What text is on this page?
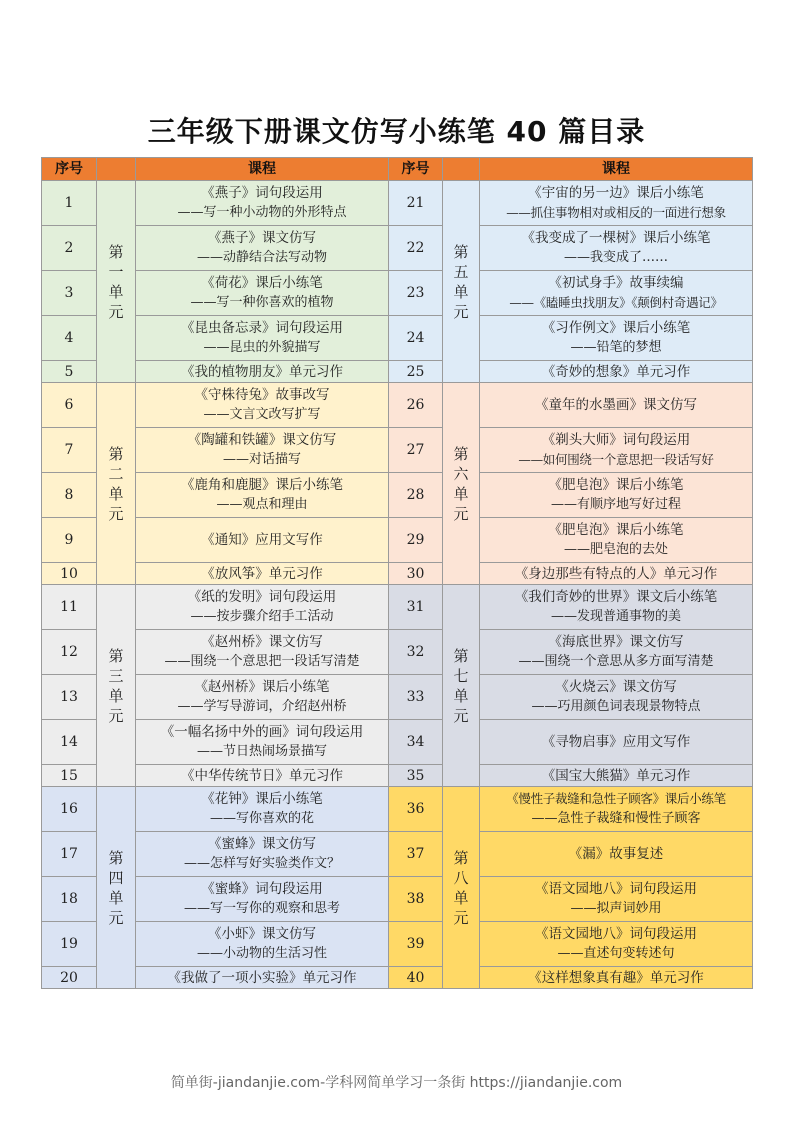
三年级下册课文仿写小练笔 40 篇目录
序号		课程	序号		课程
1	第
一
单
元	《燕子》词句段运用
——写一种小动物的外形特点	21	第
五
单
元	《宇宙的另一边》课后小练笔
——抓住事物相对或相反的一面进行想象

2		《燕子》课文仿写
——动静结合法写动物	22		《我变成了一棵树》课后小练笔
——我变成了……

3		《荷花》课后小练笔
——写一种你喜欢的植物	23		《初试身手》故事续编
——《瞌睡虫找朋友》《颠倒村奇遇记》

4		《昆虫备忘录》词句段运用
——昆虫的外貌描写	24		《习作例文》课后小练笔
——铅笔的梦想

5		《我的植物朋友》单元习作	25		《奇妙的想象》单元习作

6	第
二
单
元	《守株待兔》故事改写
——文言文改写扩写	26	第
六
单
元	《童年的水墨画》课文仿写

7		《陶罐和铁罐》课文仿写
——对话描写	27		《剃头大师》词句段运用
——如何围绕一个意思把一段话写好

8		《鹿角和鹿腿》课后小练笔
——观点和理由	28		《肥皂泡》课后小练笔
——有顺序地写好过程

9		《通知》应用文写作	29		《肥皂泡》课后小练笔
——肥皂泡的去处

10		《放风筝》单元习作	30		《身边那些有特点的人》单元习作

11	第
三
单
元	《纸的发明》词句段运用
——按步骤介绍手工活动	31	第
七
单
元	《我们奇妙的世界》课文后小练笔
——发现普通事物的美

12		《赵州桥》课文仿写
——围绕一个意思把一段话写清楚	32		《海底世界》课文仿写
——围绕一个意思从多方面写清楚

13		《赵州桥》课后小练笔
——学写导游词，介绍赵州桥	33		《火烧云》课文仿写
——巧用颜色词表现景物特点

14		《一幅名扬中外的画》词句段运用
——节日热闹场景描写	34		《寻物启事》应用文写作

15		《中华传统节日》单元习作	35		《国宝大熊猫》单元习作

16	第
四
单
元	《花钟》课后小练笔
——写你喜欢的花	36	第
八
单
元	《慢性子裁缝和急性子顾客》课后小练笔
——急性子裁缝和慢性子顾客

17		《蜜蜂》课文仿写
——怎样写好实验类作文？	37		《漏》故事复述

18		《蜜蜂》词句段运用
——写一写你的观察和思考	38		《语文园地八》词句段运用
——拟声词妙用

19		《小虾》课文仿写
——小动物的生活习性	39		《语文园地八》词句段运用
——直述句变转述句

20		《我做了一项小实验》单元习作	40		《这样想象真有趣》单元习作
简单街-jiandanjie.com-学科网简单学习一条街 https://jiandanjie.com
